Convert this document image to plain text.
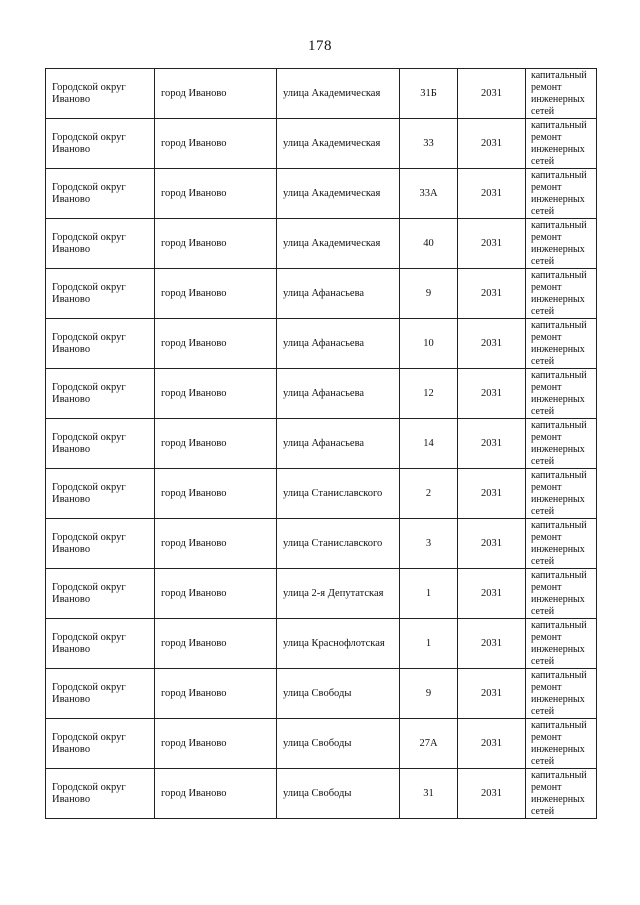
178
Городской округ Иваново	город Иваново	улица Академическая	31Б	2031	капитальный ремонт инженерных сетей
Городской округ Иваново	город Иваново	улица Академическая	33	2031	капитальный ремонт инженерных сетей
Городской округ Иваново	город Иваново	улица Академическая	33А	2031	капитальный ремонт инженерных сетей
Городской округ Иваново	город Иваново	улица Академическая	40	2031	капитальный ремонт инженерных сетей
Городской округ Иваново	город Иваново	улица Афанасьева	9	2031	капитальный ремонт инженерных сетей
Городской округ Иваново	город Иваново	улица Афанасьева	10	2031	капитальный ремонт инженерных сетей
Городской округ Иваново	город Иваново	улица Афанасьева	12	2031	капитальный ремонт инженерных сетей
Городской округ Иваново	город Иваново	улица Афанасьева	14	2031	капитальный ремонт инженерных сетей
Городской округ Иваново	город Иваново	улица Станиславского	2	2031	капитальный ремонт инженерных сетей
Городской округ Иваново	город Иваново	улица Станиславского	3	2031	капитальный ремонт инженерных сетей
Городской округ Иваново	город Иваново	улица 2-я Депутатская	1	2031	капитальный ремонт инженерных сетей
Городской округ Иваново	город Иваново	улица Краснофлотская	1	2031	капитальный ремонт инженерных сетей
Городской округ Иваново	город Иваново	улица Свободы	9	2031	капитальный ремонт инженерных сетей
Городской округ Иваново	город Иваново	улица Свободы	27А	2031	капитальный ремонт инженерных сетей
Городской округ Иваново	город Иваново	улица Свободы	31	2031	капитальный ремонт инженерных сетей
